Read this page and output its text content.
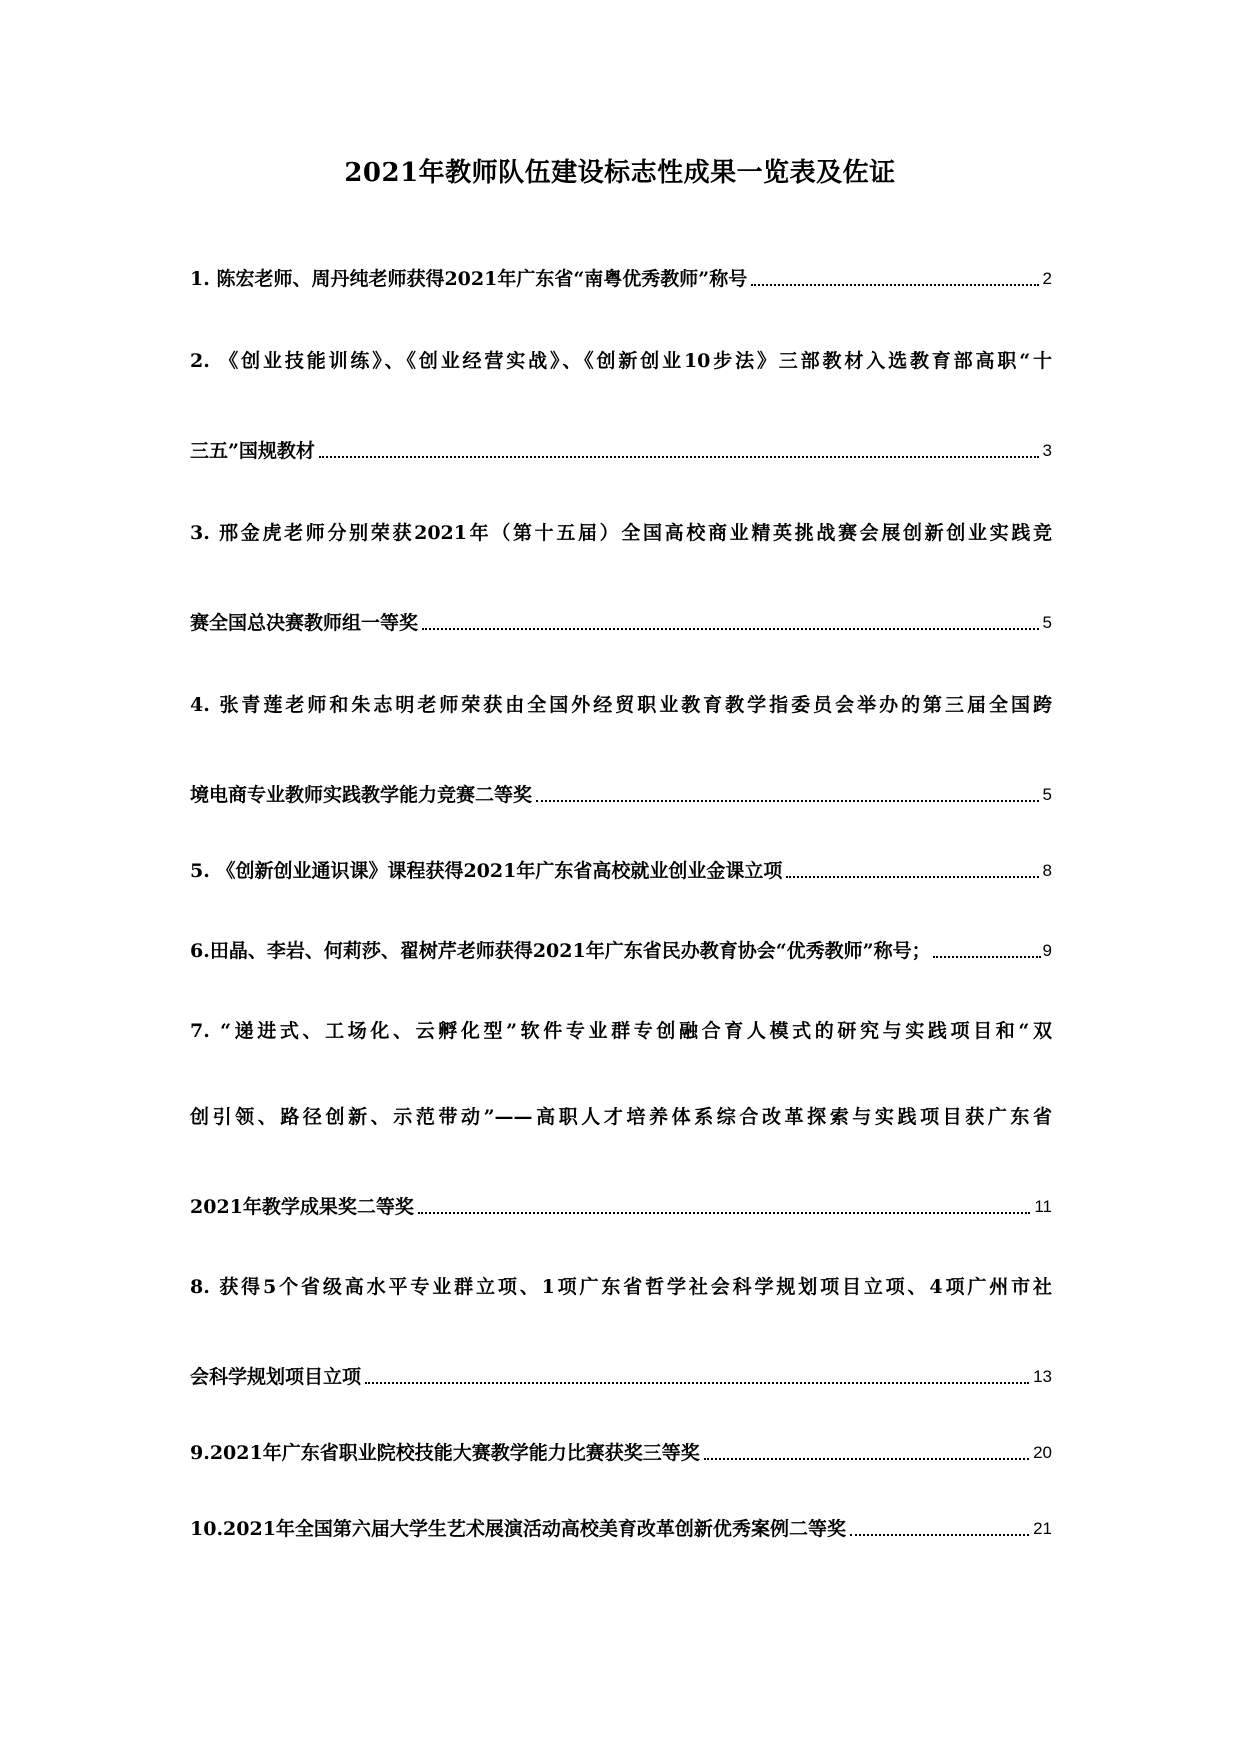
2021年教师队伍建设标志性成果一览表及佐证
1. 陈宏老师、周丹纯老师获得2021年广东省“南粤优秀教师”称号	2
2. 《创业技能训练》、《创业经营实战》、《创新创业10步法》三部教材入选教育部高职“十
三五”国规教材	3
3. 邢金虎老师分别荣获2021年（第十五届）全国高校商业精英挑战赛会展创新创业实践竞
赛全国总决赛教师组一等奖	5
4. 张青莲老师和朱志明老师荣获由全国外经贸职业教育教学指委员会举办的第三届全国跨
境电商专业教师实践教学能力竞赛二等奖	5
5. 《创新创业通识课》课程获得2021年广东省高校就业创业金课立项	8
6.田晶、李岩、何莉莎、翟树芹老师获得2021年广东省民办教育协会“优秀教师”称号；	9
7. “递进式、工场化、云孵化型”软件专业群专创融合育人模式的研究与实践项目和“双
创引领、路径创新、示范带动”——高职人才培养体系综合改革探索与实践项目获广东省
2021年教学成果奖二等奖	11
8. 获得5个省级高水平专业群立项、1项广东省哲学社会科学规划项目立项、4项广州市社
会科学规划项目立项	13
9.2021年广东省职业院校技能大赛教学能力比赛获奖三等奖	20
10.2021年全国第六届大学生艺术展演活动高校美育改革创新优秀案例二等奖	21
